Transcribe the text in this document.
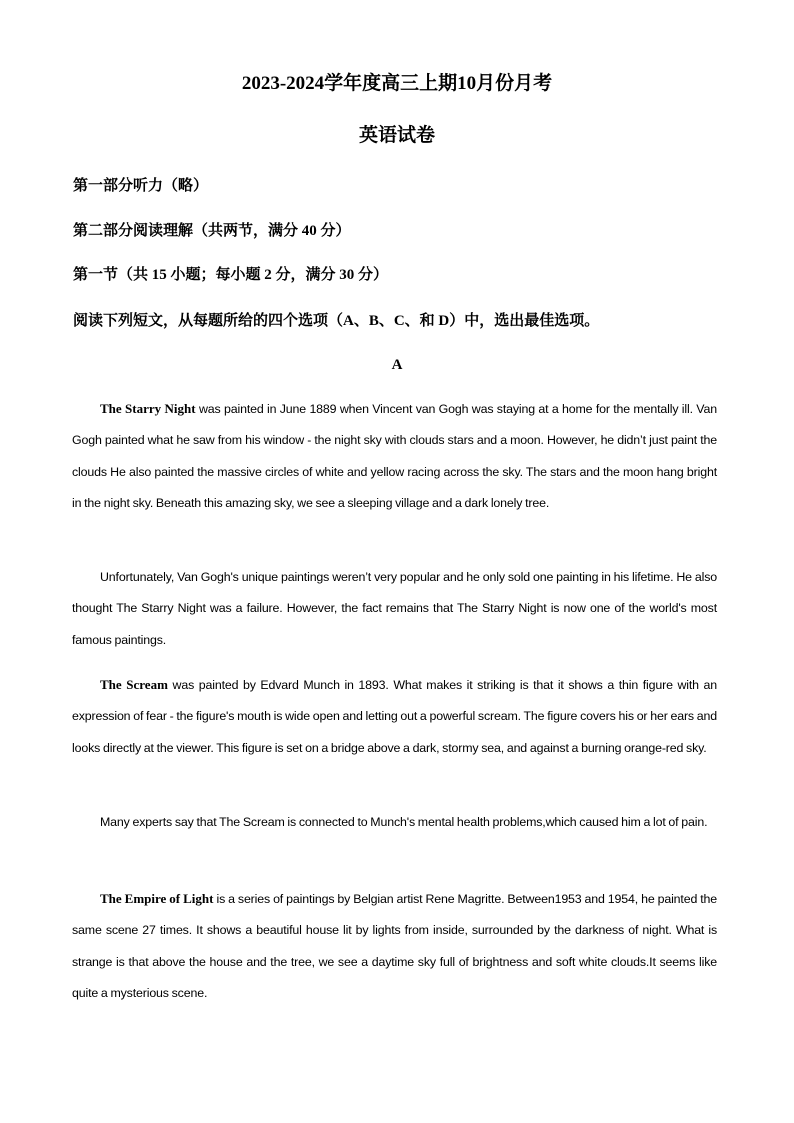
2023-2024学年度高三上期10月份月考
英语试卷
第一部分听力（略）
第二部分阅读理解（共两节，满分 40 分）
第一节（共 15 小题；每小题 2 分，满分 30 分）
阅读下列短文，从每题所给的四个选项（A、B、C、和 D）中，选出最佳选项。
A
The Starry Night was painted in June 1889 when Vincent van Gogh was staying at a home for the mentally ill. Van Gogh painted what he saw from his window - the night sky with clouds stars and a moon. However, he didn’t just paint the clouds He also painted the massive circles of white and yellow racing across the sky. The stars and the moon hang bright in the night sky. Beneath this amazing sky, we see a sleeping village and a dark lonely tree.
Unfortunately, Van Gogh's unique paintings weren’t very popular and he only sold one painting in his lifetime. He also thought The Starry Night was a failure. However, the fact remains that The Starry Night is now one of the world's most famous paintings.
The Scream was painted by Edvard Munch in 1893. What makes it striking is that it shows a thin figure with an expression of fear - the figure's mouth is wide open and letting out a powerful scream. The figure covers his or her ears and looks directly at the viewer. This figure is set on a bridge above a dark, stormy sea, and against a burning orange-red sky.
Many experts say that The Scream is connected to Munch's mental health problems,which caused him a lot of pain.
The Empire of Light is a series of paintings by Belgian artist Rene Magritte. Between1953 and 1954, he painted the same scene 27 times. It shows a beautiful house lit by lights from inside, surrounded by the darkness of night. What is strange is that above the house and the tree, we see a daytime sky full of brightness and soft white clouds.It seems like quite a mysterious scene.
